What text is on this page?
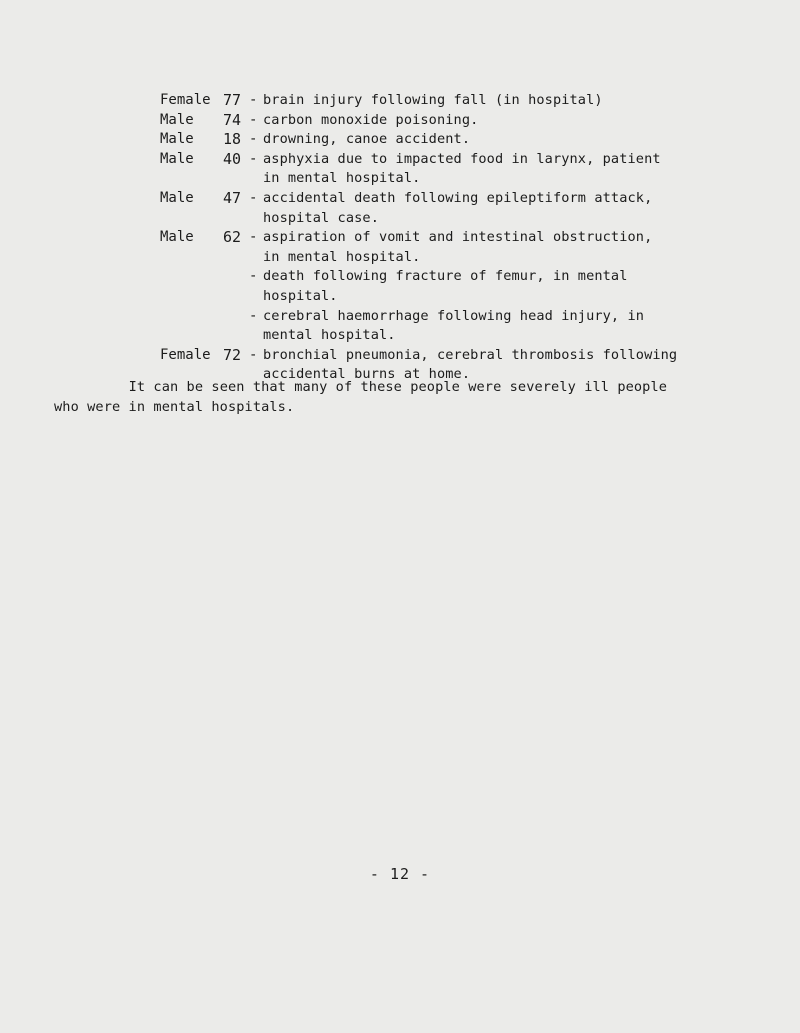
Female 77 - brain injury following fall (in hospital)
Male	74 - carbon monoxide poisoning.
Male	18 - drowning, canoe accident.
Male	40 - asphyxia due to impacted food in larynx, patient
in mental hospital.
Male	47 - accidental death following epileptiform attack,
hospital case.
Male	62 - aspiration of vomit and intestinal obstruction,
in mental hospital.
- death following fracture of femur, in mental
hospital.
- cerebral haemorrhage following head injury, in
mental hospital.
Female 72 - bronchial pneumonia, cerebral thrombosis following
accidental burns at home.
It can be seen that many of these people were severely ill people
who were in mental hospitals.
- 12 -
